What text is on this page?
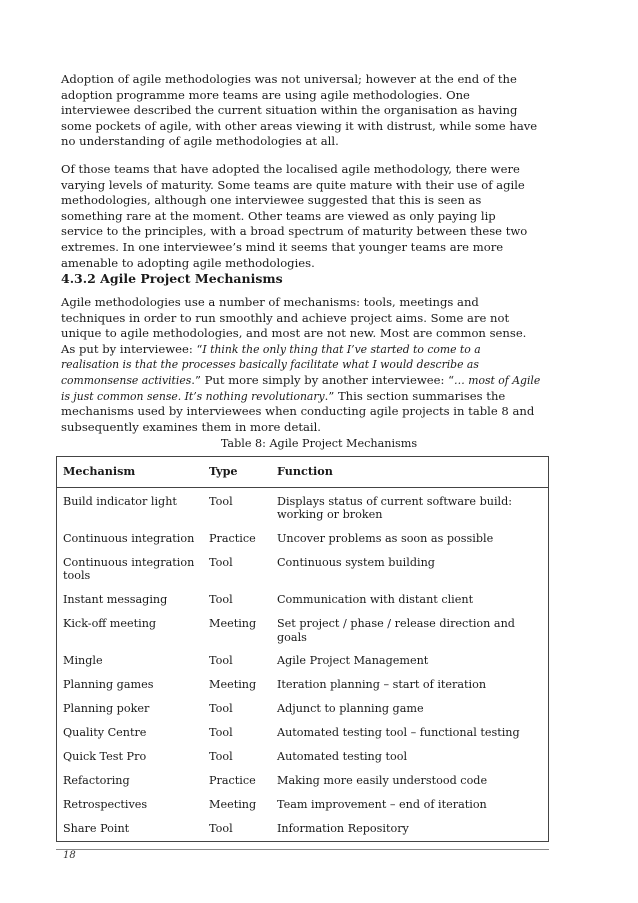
Adoption of agile methodologies was not universal; however at the end of the adoption programme more teams are using agile methodologies. One interviewee described the current situation within the organisation as having some pockets of agile, with other areas viewing it with distrust, while some have no understanding of agile methodologies at all.

Of those teams that have adopted the localised agile methodology, there were varying levels of maturity. Some teams are quite mature with their use of agile methodologies, although one interviewee suggested that this is seen as something rare at the moment. Other teams are viewed as only paying lip service to the principles, with a broad spectrum of maturity between these two extremes. In one interviewee’s mind it seems that younger teams are more amenable to adopting agile methodologies.

4.3.2 Agile Project Mechanisms

Agile methodologies use a number of mechanisms: tools, meetings and techniques in order to run smoothly and achieve project aims. Some are not unique to agile methodologies, and most are not new. Most are common sense. As put by interviewee: “I think the only thing that I’ve started to come to a realisation is that the processes basically facilitate what I would describe as commonsense activities.” Put more simply by another interviewee: “… most of Agile is just common sense. It’s nothing revolutionary.” This section summarises the mechanisms used by interviewees when conducting agile projects in table 8 and subsequently examines them in more detail.

Table 8: Agile Project Mechanisms
Mechanism	Type	Function
Build indicator light	Tool	Displays status of current software build: working or broken
Continuous integration	Practice	Uncover problems as soon as possible
Continuous integration tools	Tool	Continuous system building
Instant messaging	Tool	Communication with distant client
Kick-off meeting	Meeting	Set project / phase / release direction and goals
Mingle	Tool	Agile Project Management
Planning games	Meeting	Iteration planning – start of iteration
Planning poker	Tool	Adjunct to planning game
Quality Centre	Tool	Automated testing tool – functional testing
Quick Test Pro	Tool	Automated testing tool
Refactoring	Practice	Making more easily understood code
Retrospectives	Meeting	Team improvement – end of iteration
Share Point	Tool	Information Repository
18
